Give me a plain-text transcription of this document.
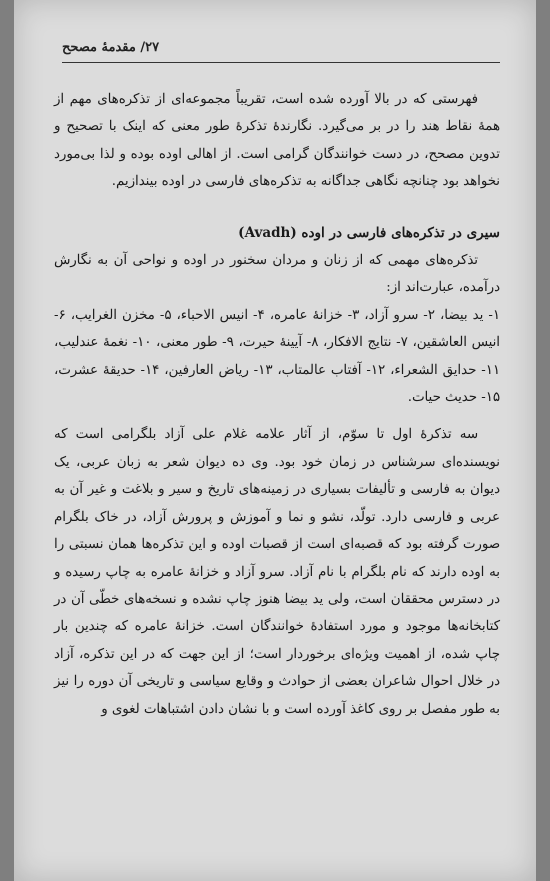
۲۷/ مقدمهٔ مصحح

فهرستی که در بالا آورده شده است، تقریباً مجموعه‌ای از تذکره‌های مهم از همهٔ نقاط هند را در بر می‌گیرد. نگارندهٔ تذکرهٔ طور معنی که اینک با تصحیح و تدوین مصحح، در دست خوانندگان گرامی است. از اهالی اوده بوده و لذا بی‌مورد نخواهد بود چنانچه نگاهی جداگانه به تذکره‌های فارسی در اوده بیندازیم.

سیری در تذکره‌های فارسی در اوده (Avadh)

تذکره‌های مهمی که از زنان و مردان سخنور در اوده و نواحی آن به نگارش درآمده، عبارت‌اند از:

۱- ید بیضا، ۲- سرو آزاد، ۳- خزانهٔ عامره، ۴- انیس الاحباء، ۵- مخزن الغرایب، ۶- انیس العاشقین، ۷- نتایج الافکار، ۸- آیینهٔ حیرت، ۹- طور معنی، ۱۰- نغمهٔ عندلیب، ۱۱- حدایق الشعراء، ۱۲- آفتاب عالمتاب، ۱۳- ریاض العارفین، ۱۴- حدیقهٔ عشرت، ۱۵- حدیث حیات.

سه تذکرهٔ اول تا سوّم، از آثار علامه غلام علی آزاد بلگرامی است که نویسنده‌ای سرشناس در زمان خود بود. وی ده دیوان شعر به زبان عربی، یک دیوان به فارسی و تألیفات بسیاری در زمینه‌های تاریخ و سیر و بلاغت و غیر آن به عربی و فارسی دارد. تولّد، نشو و نما و آموزش و پرورش آزاد، در خاک بلگرام صورت گرفته بود که قصبه‌ای است از قصبات اوده و این تذکره‌ها همان نسبتی را به اوده دارند که نام بلگرام با نام آزاد. سرو آزاد و خزانهٔ عامره به چاپ رسیده و در دسترس محققان است، ولی ید بیضا هنوز چاپ نشده و نسخه‌های خطّی آن در کتابخانه‌ها موجود و مورد استفادهٔ خوانندگان است. خزانهٔ عامره که چندین بار چاپ شده، از اهمیت ویژه‌ای برخوردار است؛ از این جهت که در این تذکره، آزاد در خلال احوال شاعران بعضی از حوادث و وقایع سیاسی و تاریخی آن دوره را نیز به طور مفصل بر روی کاغذ آورده است و با نشان دادن اشتباهات لغوی و
